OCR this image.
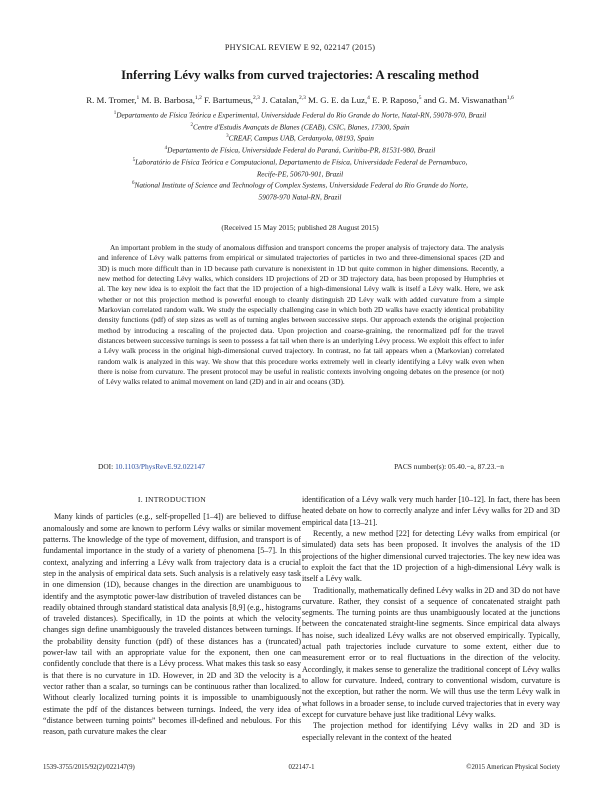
PHYSICAL REVIEW E 92, 022147 (2015)
Inferring Lévy walks from curved trajectories: A rescaling method
R. M. Tromer,$^1$ M. B. Barbosa,$^{1,2}$ F. Bartumeus,$^{2,3}$ J. Catalan,$^{2,3}$ M. G. E. da Luz,$^4$ E. P. Raposo,$^5$ and G. M. Viswanathan$^{1,6}$
$^1$Departamento de Física Teórica e Experimental, Universidade Federal do Rio Grande do Norte, Natal-RN, 59078-970, Brazil
$^2$Centre d'Estudis Avançats de Blanes (CEAB), CSIC, Blanes, 17300, Spain
$^3$CREAF, Campus UAB, Cerdanyola, 08193, Spain
$^4$Departamento de Física, Universidade Federal do Paraná, Curitiba-PR, 81531-980, Brazil
$^5$Laboratório de Física Teórica e Computacional, Departamento de Física, Universidade Federal de Pernambuco,
Recife-PE, 50670-901, Brazil
$^6$National Institute of Science and Technology of Complex Systems, Universidade Federal do Rio Grande do Norte,
59078-970 Natal-RN, Brazil
(Received 15 May 2015; published 28 August 2015)
An important problem in the study of anomalous diffusion and transport concerns the proper analysis of trajectory data. The analysis and inference of Lévy walk patterns from empirical or simulated trajectories of particles in two and three-dimensional spaces (2D and 3D) is much more difficult than in 1D because path curvature is nonexistent in 1D but quite common in higher dimensions. Recently, a new method for detecting Lévy walks, which considers 1D projections of 2D or 3D trajectory data, has been proposed by Humphries et al. The key new idea is to exploit the fact that the 1D projection of a high-dimensional Lévy walk is itself a Lévy walk. Here, we ask whether or not this projection method is powerful enough to cleanly distinguish 2D Lévy walk with added curvature from a simple Markovian correlated random walk. We study the especially challenging case in which both 2D walks have exactly identical probability density functions (pdf) of step sizes as well as of turning angles between successive steps. Our approach extends the original projection method by introducing a rescaling of the projected data. Upon projection and coarse-graining, the renormalized pdf for the travel distances between successive turnings is seen to possess a fat tail when there is an underlying Lévy process. We exploit this effect to infer a Lévy walk process in the original high-dimensional curved trajectory. In contrast, no fat tail appears when a (Markovian) correlated random walk is analyzed in this way. We show that this procedure works extremely well in clearly identifying a Lévy walk even when there is noise from curvature. The present protocol may be useful in realistic contexts involving ongoing debates on the presence (or not) of Lévy walks related to animal movement on land (2D) and in air and oceans (3D).
DOI: 10.1103/PhysRevE.92.022147	PACS number(s): 05.40.−a, 87.23.−n
I. INTRODUCTION

Many kinds of particles (e.g., self-propelled [1–4]) are believed to diffuse anomalously and some are known to perform Lévy walks or similar movement patterns. The knowledge of the type of movement, diffusion, and transport is of fundamental importance in the study of a variety of phenomena [5–7]. In this context, analyzing and inferring a Lévy walk from trajectory data is a crucial step in the analysis of empirical data sets. Such analysis is a relatively easy task in one dimension (1D), because changes in the direction are unambiguous to identify and the asymptotic power-law distribution of traveled distances can be readily obtained through standard statistical data analysis [8,9] (e.g., histograms of traveled distances). Specifically, in 1D the points at which the velocity changes sign define unambiguously the traveled distances between turnings. If the probability density function (pdf) of these distances has a (truncated) power-law tail with an appropriate value for the exponent, then one can confidently conclude that there is a Lévy process. What makes this task so easy is that there is no curvature in 1D. However, in 2D and 3D the velocity is a vector rather than a scalar, so turnings can be continuous rather than localized. Without clearly localized turning points it is impossible to unambiguously estimate the pdf of the distances between turnings. Indeed, the very idea of “distance between turning points” becomes ill-defined and nebulous. For this reason, path curvature makes the clear

identification of a Lévy walk very much harder [10–12]. In fact, there has been heated debate on how to correctly analyze and infer Lévy walks for 2D and 3D empirical data [13–21].

Recently, a new method [22] for detecting Lévy walks from empirical (or simulated) data sets has been proposed. It involves the analysis of the 1D projections of the higher dimensional curved trajectories. The key new idea was to exploit the fact that the 1D projection of a high-dimensional Lévy walk is itself a Lévy walk.

Traditionally, mathematically defined Lévy walks in 2D and 3D do not have curvature. Rather, they consist of a sequence of concatenated straight path segments. The turning points are thus unambiguously located at the junctions between the concatenated straight-line segments. Since empirical data always has noise, such idealized Lévy walks are not observed empirically. Typically, actual path trajectories include curvature to some extent, either due to measurement error or to real fluctuations in the direction of the velocity. Accordingly, it makes sense to generalize the traditional concept of Lévy walks to allow for curvature. Indeed, contrary to conventional wisdom, curvature is not the exception, but rather the norm. We will thus use the term Lévy walk in what follows in a broader sense, to include curved trajectories that in every way except for curvature behave just like traditional Lévy walks.

The projection method for identifying Lévy walks in 2D and 3D is especially relevant in the context of the heated

1539-3755/2015/92(2)/022147(9)	022147-1	©2015 American Physical Society
